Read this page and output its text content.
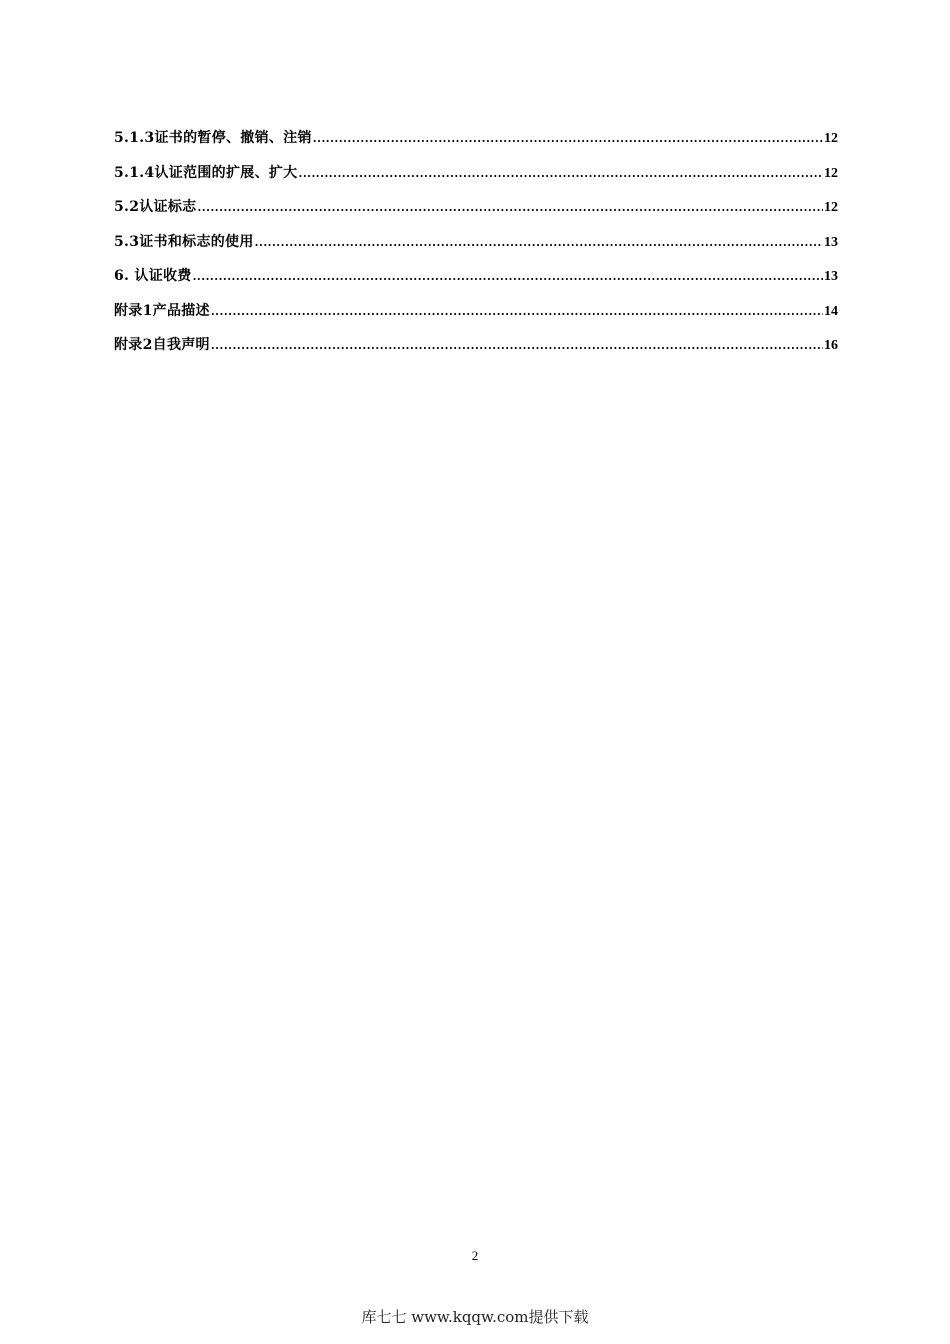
5.1.3证书的暂停、撤销、注销 .....	12
5.1.4认证范围的扩展、扩大 .....	12
5.2认证标志 .....	12
5.3证书和标志的使用 .....	13
6. 认证收费 .....	13
附录1产品描述 .....	14
附录2自我声明 .....	16
2
库七七 www.kqqw.com提供下载
